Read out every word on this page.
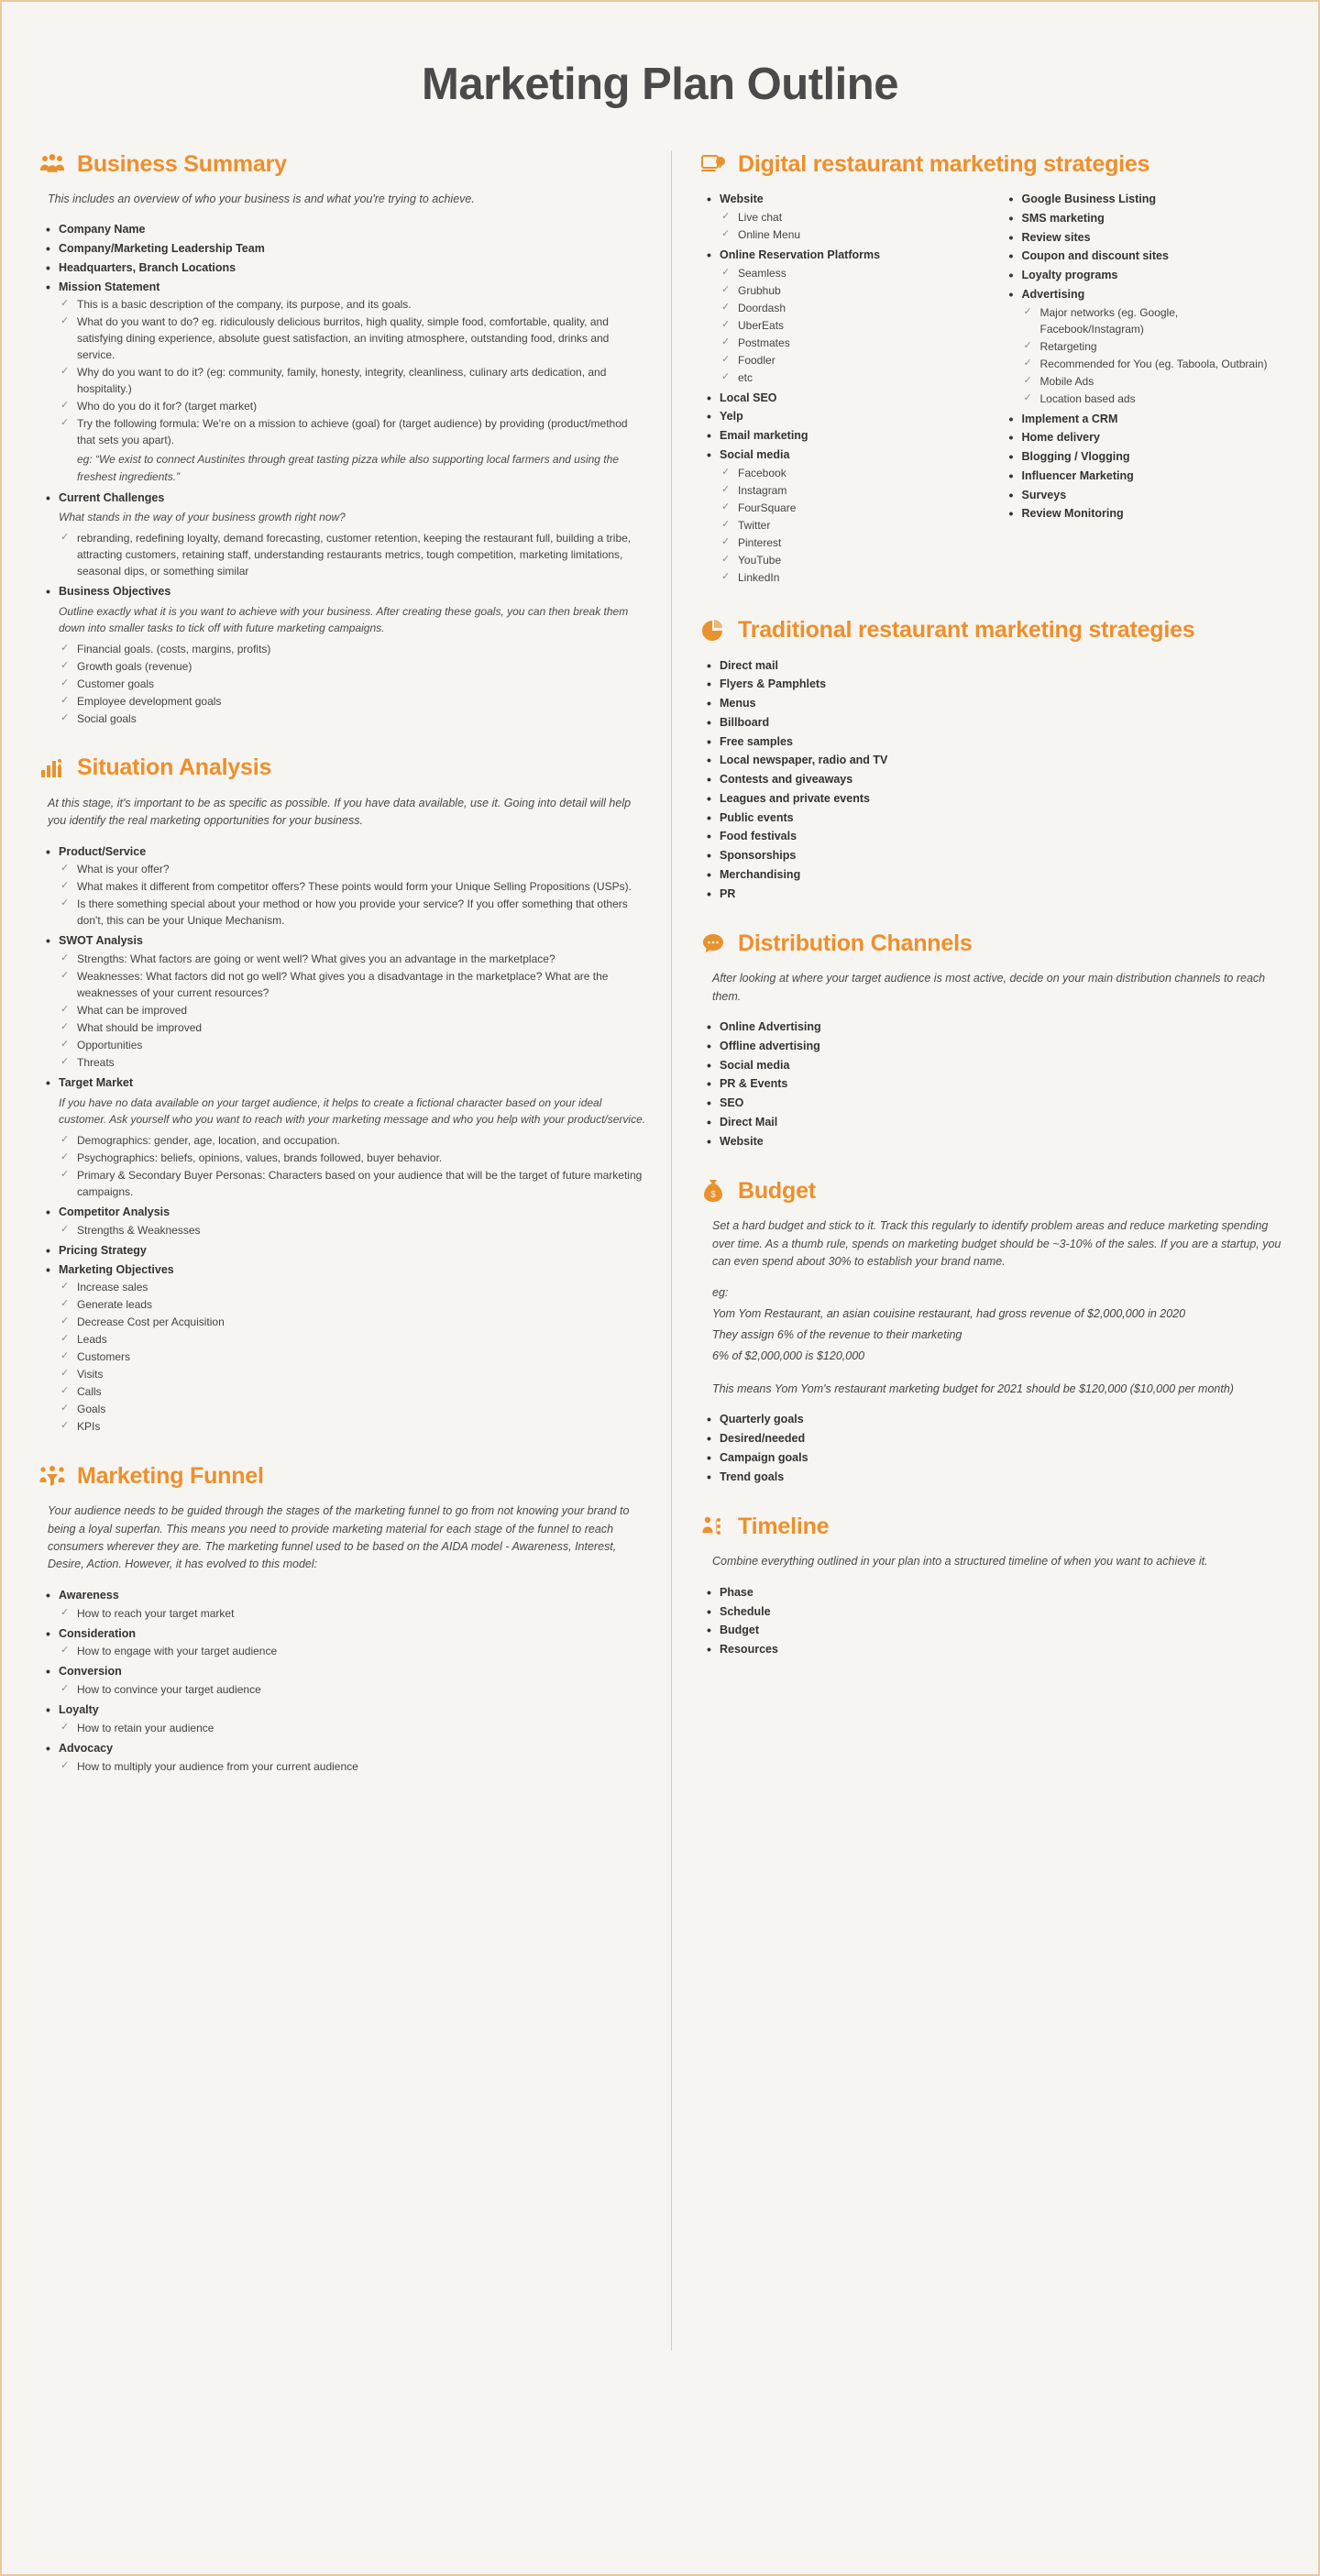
Marketing Plan Outline
Business Summary

This includes an overview of who your business is and what you're trying to achieve.

• Company Name
• Company/Marketing Leadership Team
• Headquarters, Branch Locations
• Mission Statement
✓ This is a basic description of the company, its purpose, and its goals.
✓ What do you want to do? eg. ridiculously delicious burritos, high quality, simple food, comfortable, quality, and satisfying dining experience, absolute guest satisfaction, an inviting atmosphere, outstanding food, drinks and service.
✓ Why do you want to do it? (eg: community, family, honesty, integrity, cleanliness, culinary arts dedication, and hospitality.)
✓ Who do you do it for? (target market)
✓ Try the following formula: We're on a mission to achieve (goal) for (target audience) by providing (product/method that sets you apart).
eg: “We exist to connect Austinites through great tasting pizza while also supporting local farmers and using the freshest ingredients.”
• Current Challenges
What stands in the way of your business growth right now?
✓ rebranding, redefining loyalty, demand forecasting, customer retention, keeping the restaurant full, building a tribe, attracting customers, retaining staff, understanding restaurants metrics, tough competition, marketing limitations, seasonal dips, or something similar
• Business Objectives
Outline exactly what it is you want to achieve with your business. After creating these goals, you can then break them down into smaller tasks to tick off with future marketing campaigns.
✓ Financial goals. (costs, margins, profits)
✓ Growth goals (revenue)
✓ Customer goals
✓ Employee development goals
✓ Social goals
Situation Analysis

At this stage, it's important to be as specific as possible. If you have data available, use it. Going into detail will help you identify the real marketing opportunities for your business.

• Product/Service
✓ What is your offer?
✓ What makes it different from competitor offers? These points would form your Unique Selling Propositions (USPs).
✓ Is there something special about your method or how you provide your service? If you offer something that others don't, this can be your Unique Mechanism.
• SWOT Analysis
✓ Strengths: What factors are going or went well? What gives you an advantage in the marketplace?
✓ Weaknesses: What factors did not go well? What gives you a disadvantage in the marketplace? What are the weaknesses of your current resources?
✓ What can be improved
✓ What should be improved
✓ Opportunities
✓ Threats
• Target Market
If you have no data available on your target audience, it helps to create a fictional character based on your ideal customer. Ask yourself who you want to reach with your marketing message and who you help with your product/service.
✓ Demographics: gender, age, location, and occupation.
✓ Psychographics: beliefs, opinions, values, brands followed, buyer behavior.
✓ Primary & Secondary Buyer Personas: Characters based on your audience that will be the target of future marketing campaigns.
• Competitor Analysis
✓ Strengths & Weaknesses
• Pricing Strategy
• Marketing Objectives
✓ Increase sales
✓ Generate leads
✓ Decrease Cost per Acquisition
✓ Leads
✓ Customers
✓ Visits
✓ Calls
✓ Goals
✓ KPIs
Marketing Funnel

Your audience needs to be guided through the stages of the marketing funnel to go from not knowing your brand to being a loyal superfan. This means you need to provide marketing material for each stage of the funnel to reach consumers wherever they are. The marketing funnel used to be based on the AIDA model - Awareness, Interest, Desire, Action. However, it has evolved to this model:

• Awareness
✓ How to reach your target market
• Consideration
✓ How to engage with your target audience
• Conversion
✓ How to convince your target audience
• Loyalty
✓ How to retain your audience
• Advocacy
✓ How to multiply your audience from your current audience
Digital restaurant marketing strategies
• Website
✓ Live chat
✓ Online Menu
• Online Reservation Platforms
✓ Seamless
✓ Grubhub
✓ Doordash
✓ UberEats
✓ Postmates
✓ Foodler
✓ etc
• Local SEO
• Yelp
• Email marketing
• Social media
✓ Facebook
✓ Instagram
✓ FourSquare
✓ Twitter
✓ Pinterest
✓ YouTube
✓ LinkedIn
• Google Business Listing
• SMS marketing
• Review sites
• Coupon and discount sites
• Loyalty programs
• Advertising
✓ Major networks (eg. Google, Facebook/Instagram)
✓ Retargeting
✓ Recommended for You (eg. Taboola, Outbrain)
✓ Mobile Ads
✓ Location based ads
• Implement a CRM
• Home delivery
• Blogging / Vlogging
• Influencer Marketing
• Surveys
• Review Monitoring
Traditional restaurant marketing strategies
• Direct mail
• Flyers & Pamphlets
• Menus
• Billboard
• Free samples
• Local newspaper, radio and TV
• Contests and giveaways
• Leagues and private events
• Public events
• Food festivals
• Sponsorships
• Merchandising
• PR
Distribution Channels

After looking at where your target audience is most active, decide on your main distribution channels to reach them.

• Online Advertising
• Offline advertising
• Social media
• PR & Events
• SEO
• Direct Mail
• Website
$ Budget

Set a hard budget and stick to it. Track this regularly to identify problem areas and reduce marketing spending over time. As a thumb rule, spends on marketing budget should be ~3-10% of the sales. If you are a startup, you can even spend about 30% to establish your brand name.

eg:

Yom Yom Restaurant, an asian couisine restaurant, had gross revenue of $2,000,000 in 2020

They assign 6% of the revenue to their marketing

6% of $2,000,000 is $120,000

This means Yom Yom's restaurant marketing budget for 2021 should be $120,000 ($10,000 per month)

• Quarterly goals
• Desired/needed
• Campaign goals
• Trend goals
Timeline

Combine everything outlined in your plan into a structured timeline of when you want to achieve it.

• Phase
• Schedule
• Budget
• Resources
